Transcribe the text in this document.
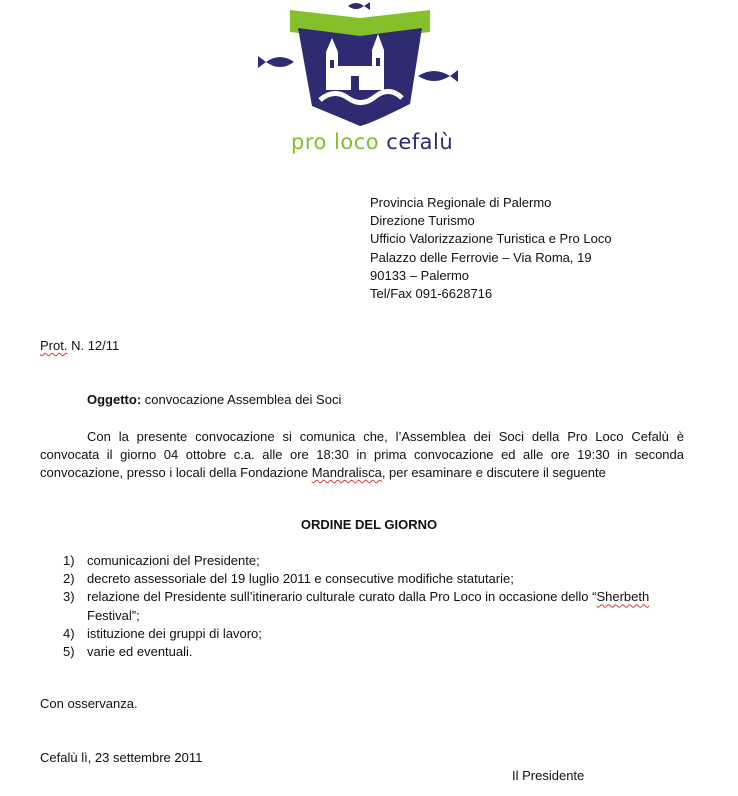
pro loco cefalù
Provincia Regionale di Palermo
Direzione Turismo
Ufficio Valorizzazione Turistica e Pro Loco
Palazzo delle Ferrovie – Via Roma, 19
90133 – Palermo
Tel/Fax 091-6628716
Prot. N. 12/11
Oggetto: convocazione Assemblea dei Soci
Con la presente convocazione si comunica che, l’Assemblea dei Soci della Pro Loco Cefalù è convocata il giorno 04 ottobre c.a. alle ore 18:30 in prima convocazione ed alle ore 19:30 in seconda convocazione, presso i locali della Fondazione Mandralisca, per esaminare e discutere il seguente
ORDINE DEL GIORNO
1) comunicazioni del Presidente;
2) decreto assessoriale del 19 luglio 2011 e consecutive modifiche statutarie;
3) relazione del Presidente sull’itinerario culturale curato dalla Pro Loco in occasione dello “Sherbeth Festival”;
4) istituzione dei gruppi di lavoro;
5) varie ed eventuali.
Con osservanza.
Cefalù lì, 23 settembre 2011
Il Presidente
